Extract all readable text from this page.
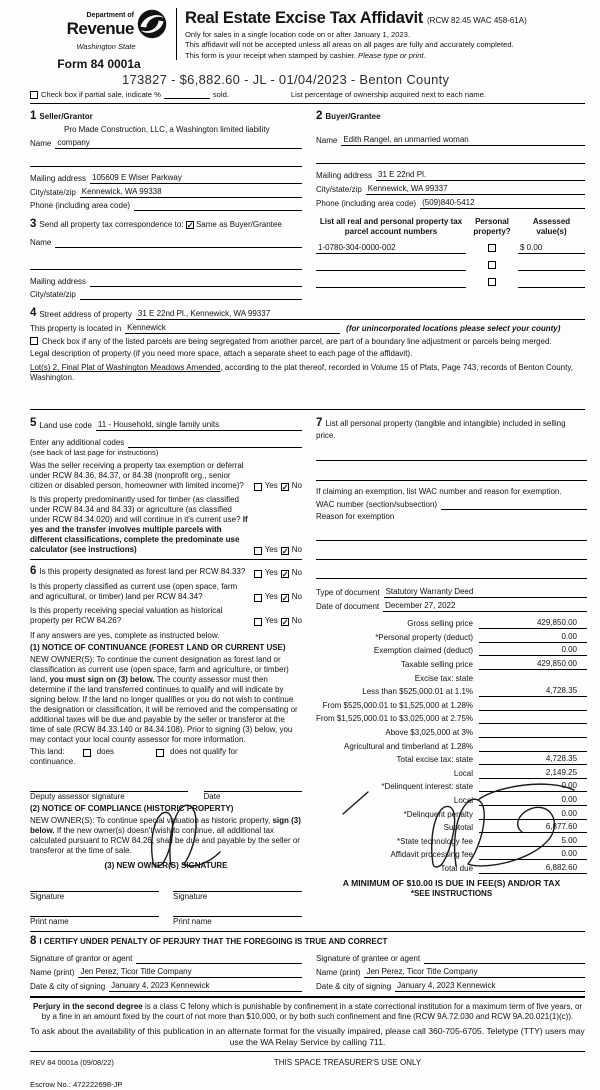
Department of
Revenue
Washington State
Form 84 0001a
Real Estate Excise Tax Affidavit (RCW 82.45 WAC 458-61A)
Only for sales in a single location code on or after January 1, 2023.
This affidavit will not be accepted unless all areas on all pages are fully and accurately completed.
This form is your receipt when stamped by cashier. Please type or print.
173827 - $6,882.60 - JL - 01/04/2023 - Benton County
Check box if partial sale, indicate %	sold.	List percentage of ownership acquired next to each name.
1 Seller/Grantor
Pro Made Construction, LLC, a Washington limited liability
Name company
Mailing address 105609 E Wiser Parkway
City/state/zip Kennewick, WA 99338
Phone (including area code)
2 Buyer/Grantee
Name Edith Rangel, an unmarried woman
Mailing address 31 E 22nd Pl.
City/state/zip Kennewick, WA 99337
Phone (including area code) (509)840-5412
3 Send all property tax correspondence to: ✓ Same as Buyer/Grantee
Name
Mailing address
City/state/zip
List all real and personal property tax
parcel account numbers
Personal
property?
Assessed
value(s)
1-0780-304-0000-002	$ 0.00
4 Street address of property 31 E 22nd Pl., Kennewick, WA 99337
This property is located in Kennewick	(for unincorporated locations please select your county)
Check box if any of the listed parcels are being segregated from another parcel, are part of a boundary line adjustment or parcels being merged.
Legal description of property (if you need more space, attach a separate sheet to each page of the affidavit).
Lot(s) 2, Final Plat of Washington Meadows Amended, according to the plat thereof, recorded in Volume 15 of Plats, Page 743, records of Benton County, Washington.
5 Land use code 11 - Household, single family units
Enter any additional codes
(see back of last page for instructions)
Was the seller receiving a property tax exemption or deferral under RCW 84.36, 84.37, or 84.38 (nonprofit org., senior citizen or disabled person, homeowner with limited income)?	Yes ✓ No
Is this property predominantly used for timber (as classified under RCW 84.34 and 84.33) or agriculture (as classified under RCW 84.34.020) and will continue in it's current use? If yes and the transfer involves multiple parcels with different classifications, complete the predominate use calculator (see instructions)	Yes ✓ No
6 Is this property designated as forest land per RCW 84.33?	Yes ✓ No
Is this property classified as current use (open space, farm and agricultural, or timber) land per RCW 84.34?	Yes ✓ No
Is this property receiving special valuation as historical property per RCW 84.26?	Yes ✓ No
If any answers are yes, complete as instructed below.
(1) NOTICE OF CONTINUANCE (FOREST LAND OR CURRENT USE)
NEW OWNER(S): To continue the current designation as forest land or classification as current use (open space, farm and agriculture, or timber) land, you must sign on (3) below. The county assessor must then determine if the land transferred continues to qualify and will indicate by signing below. If the land no longer qualifies or you do not wish to continue the designation or classification, it will be removed and the compensating or additional taxes will be due and payable by the seller or transferor at the time of sale (RCW 84.33.140 or 84.34.108). Prior to signing (3) below, you may contact your local county assessor for more information.
This land:	does	does not qualify for
continuance.
Deputy assessor signature	Date
(2) NOTICE OF COMPLIANCE (HISTORIC PROPERTY)
NEW OWNER(S): To continue special valuation as historic property, sign (3) below. If the new owner(s) doesn't wish to continue, all additional tax calculated pursuant to RCW 84.26, shall be due and payable by the seller or transferor at the time of sale.
(3) NEW OWNER(S) SIGNATURE
Signature	Signature
Print name	Print name
7 List all personal property (tangible and intangible) included in selling price.
If claiming an exemption, list WAC number and reason for exemption.
WAC number (section/subsection)
Reason for exemption
Type of document Statutory Warranty Deed
Date of document December 27, 2022
Gross selling price	429,850.00
*Personal property (deduct)	0.00
Exemption claimed (deduct)	0.00
Taxable selling price	429,850.00
Excise tax: state
Less than $525,000.01 at 1.1%	4,728.35
From $525,000.01 to $1,525,000 at 1.28%
From $1,525,000.01 to $3,025,000 at 2.75%
Above $3,025,000 at 3%
Agricultural and timberland at 1.28%
Total excise tax: state	4,728.35
Local	2,149.25
*Delinquent interest: state	0.00
Local	0.00
*Delinquent penalty	0.00
Subtotal	6,877.60
*State technology fee	5.00
Affidavit processing fee	0.00
Total due	6,882.60
A MINIMUM OF $10.00 IS DUE IN FEE(S) AND/OR TAX
*SEE INSTRUCTIONS
8 I CERTIFY UNDER PENALTY OF PERJURY THAT THE FOREGOING IS TRUE AND CORRECT
Signature of grantor or agent
Name (print) Jen Perez, Ticor Title Company
Date & city of signing January 4, 2023 Kennewick
Signature of grantee or agent
Name (print) Jen Perez, Ticor Title Company
Date & city of signing January 4, 2023 Kennewick
Perjury in the second degree is a class C felony which is punishable by confinement in a state correctional institution for a maximum term of five years, or by a fine in an amount fixed by the court of not more than $10,000, or by both such confinement and fine (RCW 9A.72.030 and RCW 9A.20.021(1)(c)).
To ask about the availability of this publication in an alternate format for the visually impaired, please call 360-705-6705. Teletype (TTY) users may use the WA Relay Service by calling 711.
REV 84 0001a (09/08/22)	THIS SPACE TREASURER'S USE ONLY
Escrow No.: 472222698-JP
